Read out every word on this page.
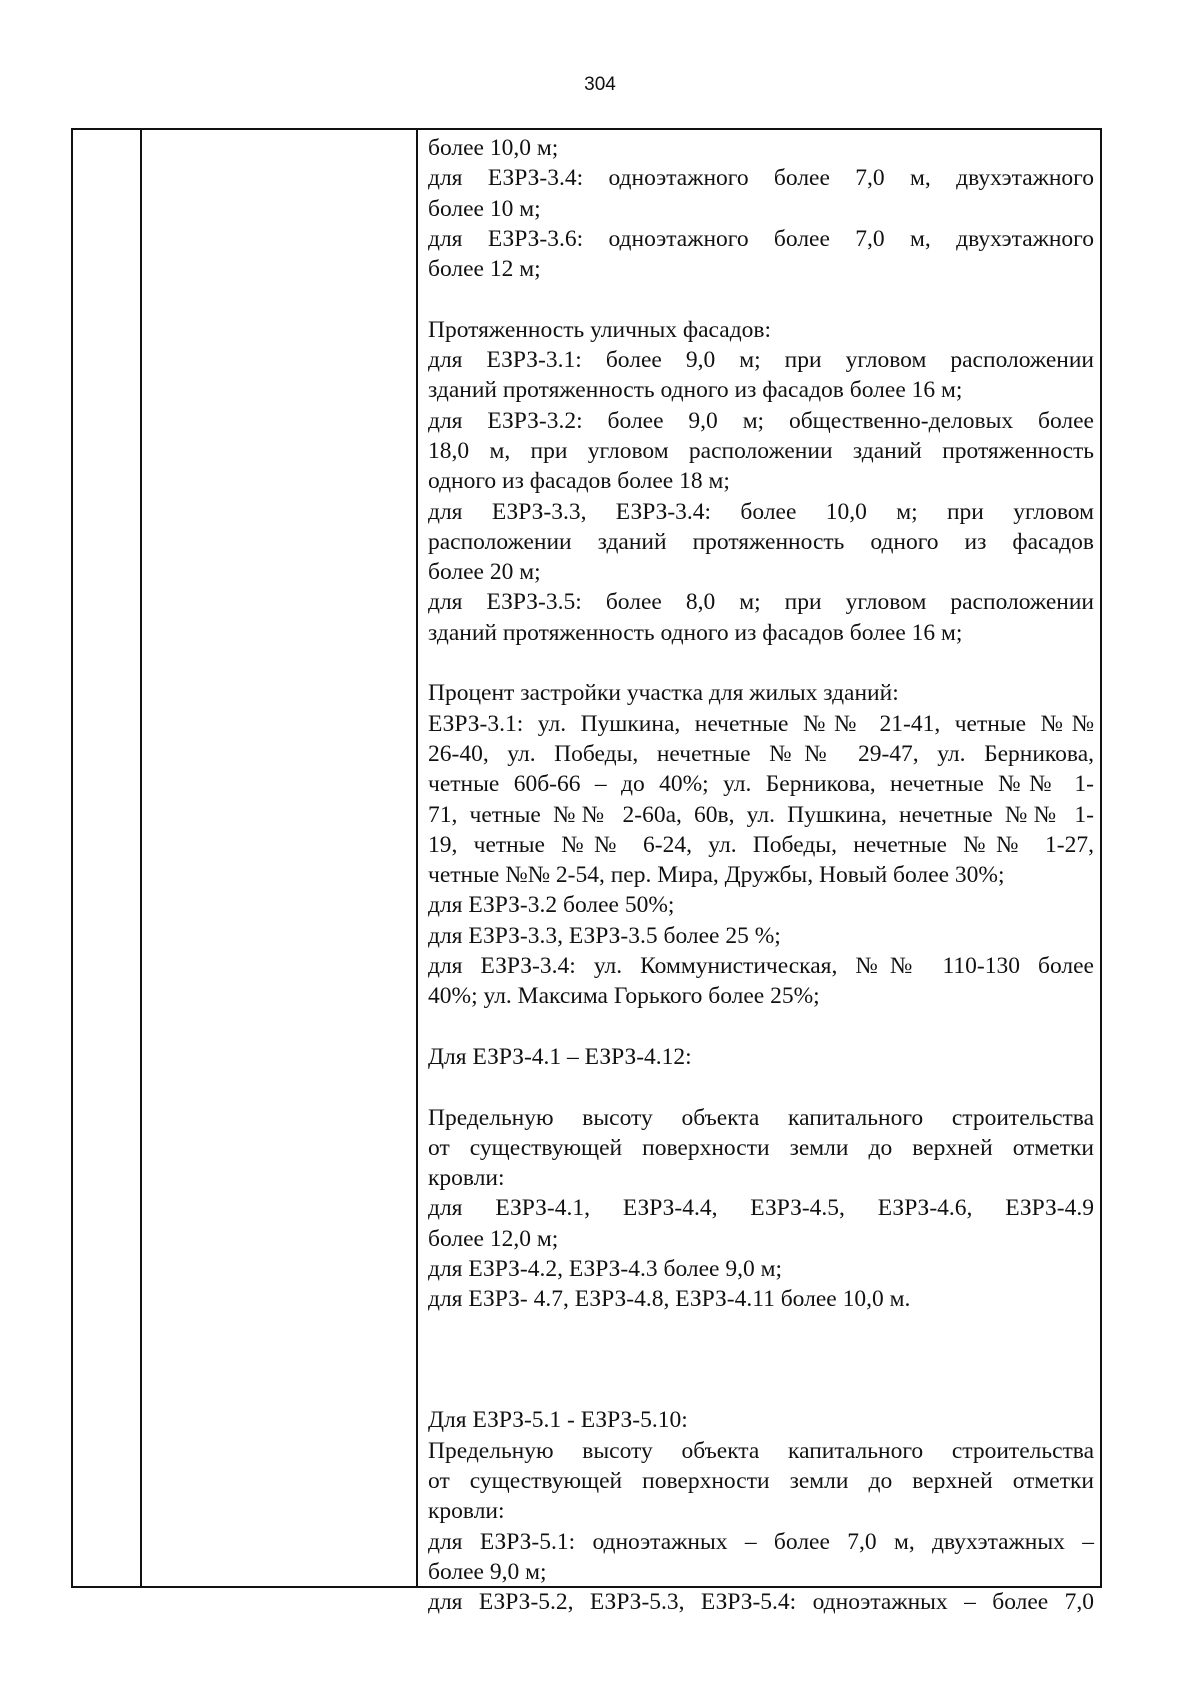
304
более 10,0 м;
для ЕЗРЗ-3.4: одноэтажного более 7,0 м, двухэтажного
более 10 м;
для ЕЗРЗ-3.6: одноэтажного более 7,0 м, двухэтажного
более 12 м;
Протяженность уличных фасадов:
для ЕЗРЗ-3.1: более 9,0 м; при угловом расположении
зданий протяженность одного из фасадов более 16 м;
для ЕЗРЗ-3.2: более 9,0 м; общественно-деловых более
18,0 м, при угловом расположении зданий протяженность
одного из фасадов более 18 м;
для ЕЗРЗ-3.3, ЕЗРЗ-3.4: более 10,0 м; при угловом
расположении зданий протяженность одного из фасадов
более 20 м;
для ЕЗРЗ-3.5: более 8,0 м; при угловом расположении
зданий протяженность одного из фасадов более 16 м;
Процент застройки участка для жилых зданий:
ЕЗРЗ-3.1: ул. Пушкина, нечетные №№ 21-41, четные №№
26-40, ул. Победы, нечетные №№ 29-47, ул. Берникова,
четные 60б-66 – до 40%; ул. Берникова, нечетные №№ 1-
71, четные №№ 2-60а, 60в, ул. Пушкина, нечетные №№ 1-
19, четные №№ 6-24, ул. Победы, нечетные №№ 1-27,
четные №№ 2-54, пер. Мира, Дружбы, Новый более 30%;
для ЕЗРЗ-3.2 более 50%;
для ЕЗРЗ-3.3, ЕЗРЗ-3.5 более 25 %;
для ЕЗРЗ-3.4: ул. Коммунистическая, №№ 110-130 более
40%; ул. Максима Горького более 25%;
Для ЕЗРЗ-4.1 – ЕЗРЗ-4.12:
Предельную высоту объекта капитального строительства
от существующей поверхности земли до верхней отметки
кровли:
для ЕЗРЗ-4.1, ЕЗРЗ-4.4, ЕЗРЗ-4.5, ЕЗРЗ-4.6, ЕЗРЗ-4.9
более 12,0 м;
для ЕЗРЗ-4.2, ЕЗРЗ-4.3 более 9,0 м;
для ЕЗРЗ- 4.7, ЕЗРЗ-4.8, ЕЗРЗ-4.11 более 10,0 м.
Для ЕЗРЗ-5.1 - ЕЗРЗ-5.10:
Предельную высоту объекта капитального строительства
от существующей поверхности земли до верхней отметки
кровли:
для ЕЗРЗ-5.1: одноэтажных – более 7,0 м, двухэтажных –
более 9,0 м;
для ЕЗРЗ-5.2, ЕЗРЗ-5.3, ЕЗРЗ-5.4: одноэтажных – более 7,0
